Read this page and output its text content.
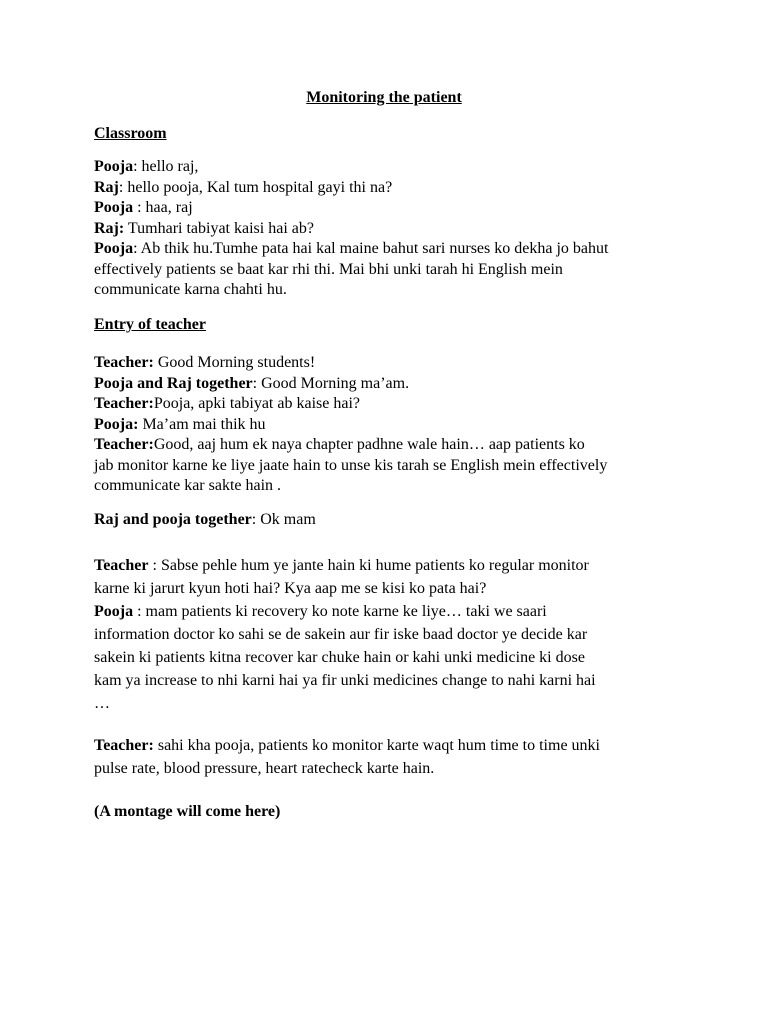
Monitoring the patient
Classroom
Pooja: hello raj,
Raj: hello pooja, Kal tum hospital gayi thi na?
Pooja : haa, raj
Raj: Tumhari tabiyat kaisi hai ab?
Pooja: Ab thik hu.Tumhe pata hai kal maine bahut sari nurses ko dekha jo bahut
effectively patients se baat kar rhi thi. Mai bhi unki tarah hi English mein
communicate karna chahti hu.
Entry of teacher
Teacher: Good Morning students!
Pooja and Raj together: Good Morning ma’am.
Teacher:Pooja, apki tabiyat ab kaise hai?
Pooja: Ma’am mai thik hu
Teacher:Good, aaj hum ek naya chapter padhne wale hain… aap patients ko
jab monitor karne ke liye jaate hain to unse kis tarah se English mein effectively
communicate kar sakte hain .
Raj and pooja together: Ok mam
Teacher : Sabse pehle hum ye jante hain ki hume patients ko regular monitor
karne ki jarurt kyun hoti hai? Kya aap me se kisi ko pata hai?
Pooja : mam patients ki recovery ko note karne ke liye… taki we saari
information doctor ko sahi se de sakein aur fir iske baad doctor ye decide kar
sakein ki patients kitna recover kar chuke hain or kahi unki medicine ki dose
kam ya increase to nhi karni hai ya fir unki medicines change to nahi karni hai
…
Teacher: sahi kha pooja, patients ko monitor karte waqt hum time to time unki
pulse rate, blood pressure, heart ratecheck karte hain.
(A montage will come here)
